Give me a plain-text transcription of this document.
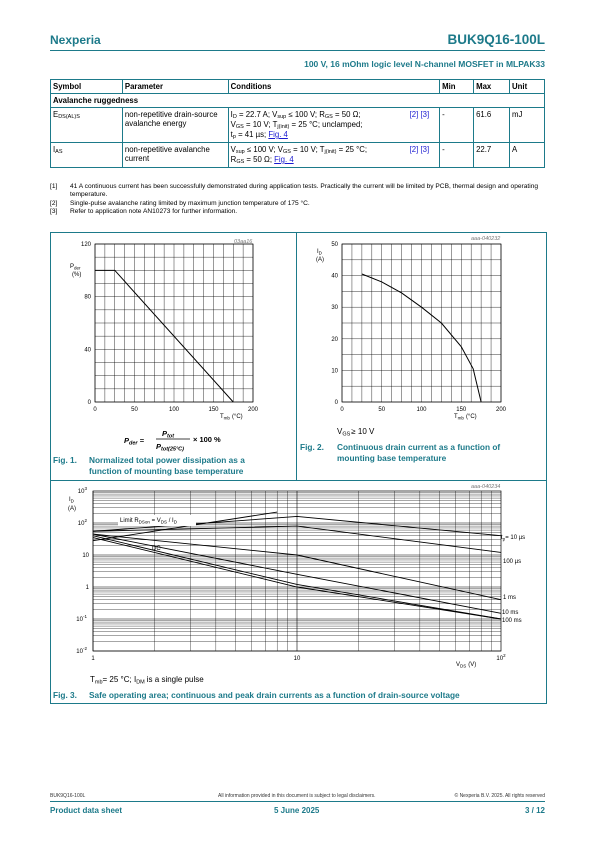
Nexperia	BUK9Q16-100L
100 V, 16 mOhm logic level N-channel MOSFET in MLPAK33
Symbol	Parameter	Conditions	Min	Max	Unit
Avalanche ruggedness					
EDS(AL)S	non-repetitive drain-source avalanche energy	ID = 22.7 A; Vsup ≤ 100 V; RGS = 50 Ω;
VGS = 10 V; Tj(init) = 25 °C; unclamped;
tp = 41 µs; Fig. 4
[2] [3]	-	61.6	mJ
IAS	non-repetitive avalanche current	Vsup ≤ 100 V; VGS = 10 V; Tj(init) = 25 °C;
RGS = 50 Ω; Fig. 4
[2] [3]	-	22.7	A
[1]	41 A continuous current has been successfully demonstrated during application tests. Practically the current will be limited by PCB, thermal design and operating temperature.
[2]	Single-pulse avalanche rating limited by maximum junction temperature of 175 °C.
[3]	Refer to application note AN10273 for further information.
03aa16
$P_{der}$
(%)
$T_{mb}$ (°C)
0	50	100	150	200
120
80
40
0
$P_{der}$ =
$P_{tot}$
$P_{tot(25^\circ C)}$
× 100 %
Fig. 1. Normalized total power dissipation as a function of mounting base temperature
aaa-040232
$I_D$
(A)
$T_{mb}$ (°C)
0	50	100	150	200
50
40
30
20
10
0
VGS≥ 10 V
Fig. 2. Continuous drain current as a function of mounting base temperature
aaa-040234
$I_D$
(A)
$V_{DS}$ (V)
$10^3$
$10^2$
10
1
$10^{-1}$
$10^{-2}$
1	10	$10^2$
Limit $R_{DSon} = V_{DS} / I_D$
DC
$t_p= 10$ µs
100 µs
1 ms
10 ms
100 ms
Tmb= 25 °C; IDM is a single pulse
Fig. 3. Safe operating area; continuous and peak drain currents as a function of drain-source voltage
BUK9Q16-100L	All information provided in this document is subject to legal disclaimers.	© Nexperia B.V. 2025. All rights reserved
Product data sheet	5 June 2025	3 / 12
